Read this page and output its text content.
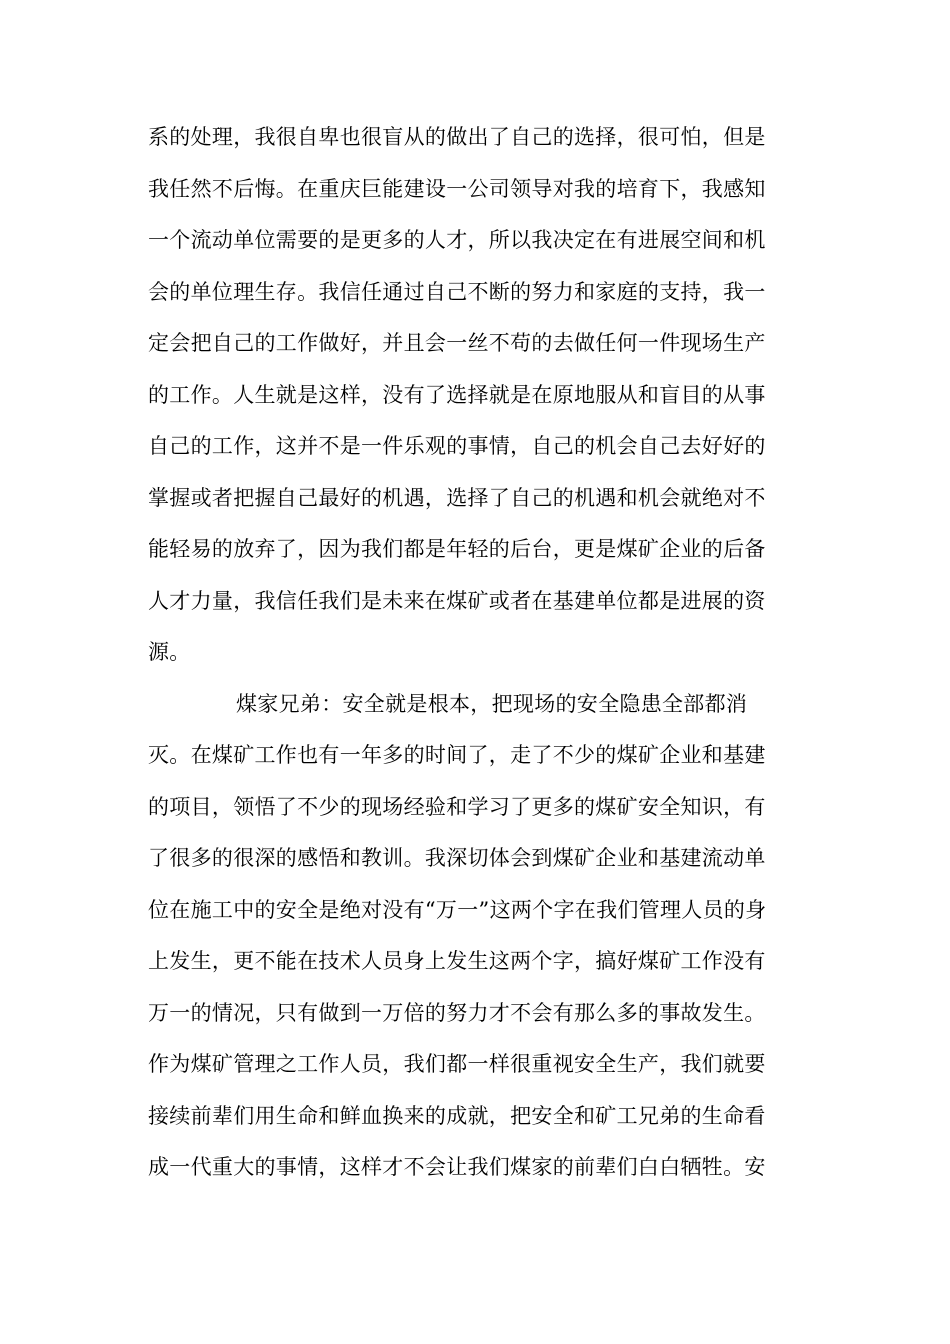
系的处理，我很自卑也很盲从的做出了自己的选择，很可怕，但是
我任然不后悔。在重庆巨能建设一公司领导对我的培育下，我感知
一个流动单位需要的是更多的人才，所以我决定在有进展空间和机
会的单位理生存。我信任通过自己不断的努力和家庭的支持，我一
定会把自己的工作做好，并且会一丝不苟的去做任何一件现场生产
的工作。人生就是这样，没有了选择就是在原地服从和盲目的从事
自己的工作，这并不是一件乐观的事情，自己的机会自己去好好的
掌握或者把握自己最好的机遇，选择了自己的机遇和机会就绝对不
能轻易的放弃了，因为我们都是年轻的后台，更是煤矿企业的后备
人才力量，我信任我们是未来在煤矿或者在基建单位都是进展的资
源。
煤家兄弟：安全就是根本，把现场的安全隐患全部都消
灭。在煤矿工作也有一年多的时间了，走了不少的煤矿企业和基建
的项目，领悟了不少的现场经验和学习了更多的煤矿安全知识，有
了很多的很深的感悟和教训。我深切体会到煤矿企业和基建流动单
位在施工中的安全是绝对没有“万一”这两个字在我们管理人员的身
上发生，更不能在技术人员身上发生这两个字，搞好煤矿工作没有
万一的情况，只有做到一万倍的努力才不会有那么多的事故发生。
作为煤矿管理之工作人员，我们都一样很重视安全生产，我们就要
接续前辈们用生命和鲜血换来的成就，把安全和矿工兄弟的生命看
成一代重大的事情，这样才不会让我们煤家的前辈们白白牺牲。安
